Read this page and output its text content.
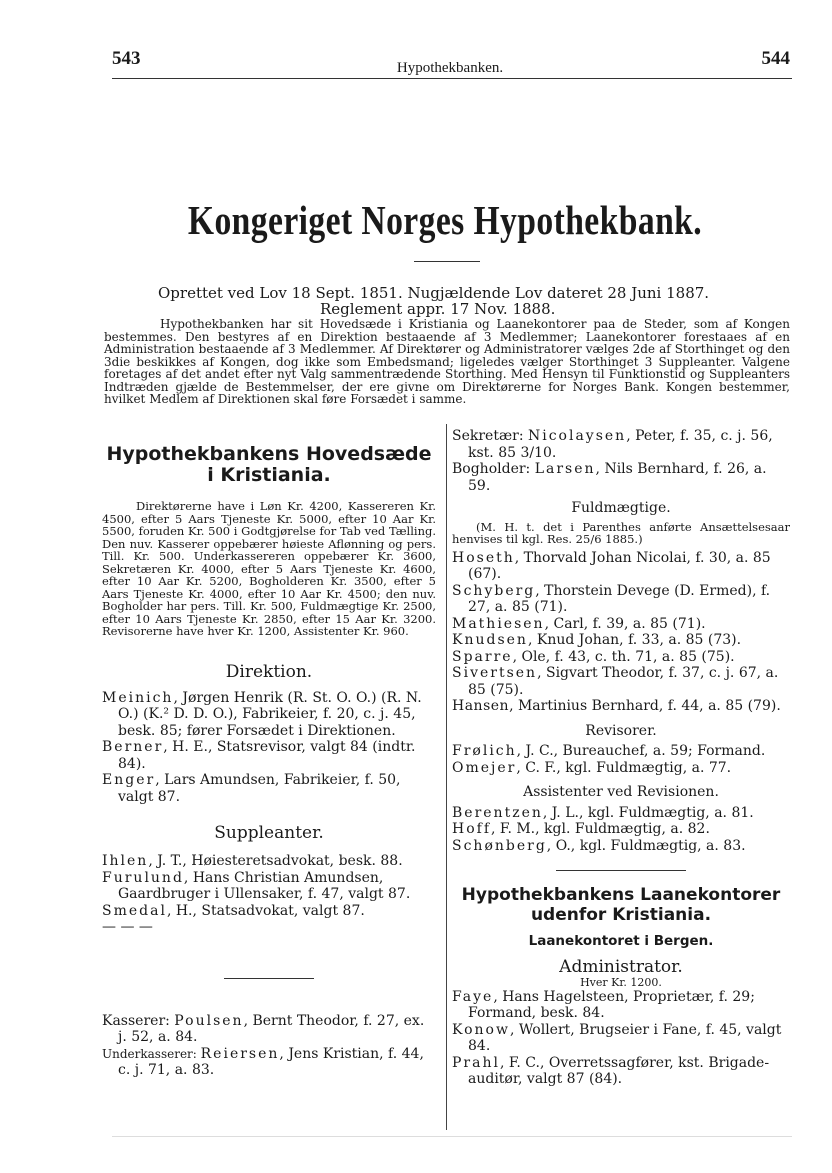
543	Hypothekbanken.	544
Kongeriget Norges Hypothekbank.
Oprettet ved Lov 18 Sept. 1851. Nugjældende Lov dateret 28 Juni 1887.
Reglement appr. 17 Nov. 1888.
Hypothekbanken har sit Hovedsæde i Kristiania og Laanekontorer paa de Steder, som af Kongen bestemmes. Den bestyres af en Direktion bestaaende af 3 Medlemmer; Laanekontorer forestaaes af en Administration bestaaende af 3 Medlemmer. Af Direktører og Administratorer vælges 2de af Storthinget og den 3die beskikkes af Kongen, dog ikke som Embedsmand; ligeledes vælger Storthinget 3 Suppleanter. Valgene foretages af det andet efter nyt Valg sammentrædende Storthing. Med Hensyn til Funktionstid og Suppleanters Indtræden gjælde de Bestemmelser, der ere givne om Direktørerne for Norges Bank. Kongen bestemmer, hvilket Medlem af Direktionen skal føre Forsædet i samme.
Hypothekbankens Hovedsæde
i Kristiania.
Direktørerne have i Løn Kr. 4200, Kassereren Kr. 4500, efter 5 Aars Tjeneste Kr. 5000, efter 10 Aar Kr. 5500, foruden Kr. 500 i Godtgjørelse for Tab ved Tælling. Den nuv. Kasserer oppebærer høieste Aflønning og pers. Till. Kr. 500. Underkassereren oppebærer Kr. 3600, Sekretæren Kr. 4000, efter 5 Aars Tjeneste Kr. 4600, efter 10 Aar Kr. 5200, Bogholderen Kr. 3500, efter 5 Aars Tjeneste Kr. 4000, efter 10 Aar Kr. 4500; den nuv. Bogholder har pers. Till. Kr. 500, Fuldmægtige Kr. 2500, efter 10 Aars Tjeneste Kr. 2850, efter 15 Aar Kr. 3200. Revisorerne have hver Kr. 1200, Assistenter Kr. 960.
Direktion.
Meinich, Jørgen Henrik (R. St. O. O.) (R. N. O.) (K.² D. D. O.), Fabrikeier, f. 20, c. j. 45, besk. 85; fører Forsædet i Direktionen.
Berner, H. E., Statsrevisor, valgt 84 (indtr. 84).
Enger, Lars Amundsen, Fabrikeier, f. 50, valgt 87.
Suppleanter.
Ihlen, J. T., Høiesteretsadvokat, besk. 88.
Furulund, Hans Christian Amundsen, Gaardbruger i Ullensaker, f. 47, valgt 87.
Smedal, H., Statsadvokat, valgt 87.
— — —
Kasserer: Poulsen, Bernt Theodor, f. 27, ex. j. 52, a. 84.
Underkasserer: Reiersen, Jens Kristian, f. 44, c. j. 71, a. 83.
Sekretær: Nicolaysen, Peter, f. 35, c. j. 56, kst. 85 3/10.
Bogholder: Larsen, Nils Bernhard, f. 26, a. 59.
Fuldmægtige.
(M. H. t. det i Parenthes anførte Ansættelsesaar henvises til kgl. Res. 25/6 1885.)
Hoseth, Thorvald Johan Nicolai, f. 30, a. 85 (67).
Schyberg, Thorstein Devege (D. Ermed), f. 27, a. 85 (71).
Mathiesen, Carl, f. 39, a. 85 (71).
Knudsen, Knud Johan, f. 33, a. 85 (73).
Sparre, Ole, f. 43, c. th. 71, a. 85 (75).
Sivertsen, Sigvart Theodor, f. 37, c. j. 67, a. 85 (75).
Hansen, Martinius Bernhard, f. 44, a. 85 (79).
Revisorer.
Frølich, J. C., Bureauchef, a. 59; Formand.
Omejer, C. F., kgl. Fuldmægtig, a. 77.
Assistenter ved Revisionen.
Berentzen, J. L., kgl. Fuldmægtig, a. 81.
Hoff, F. M., kgl. Fuldmægtig, a. 82.
Schønberg, O., kgl. Fuldmægtig, a. 83.
Hypothekbankens Laanekontorer
udenfor Kristiania.
Laanekontoret i Bergen.
Administrator.
Hver Kr. 1200.
Faye, Hans Hagelsteen, Proprietær, f. 29; Formand, besk. 84.
Konow, Wollert, Brugseier i Fane, f. 45, valgt 84.
Prahl, F. C., Overretssagfører, kst. Brigade-auditør, valgt 87 (84).
